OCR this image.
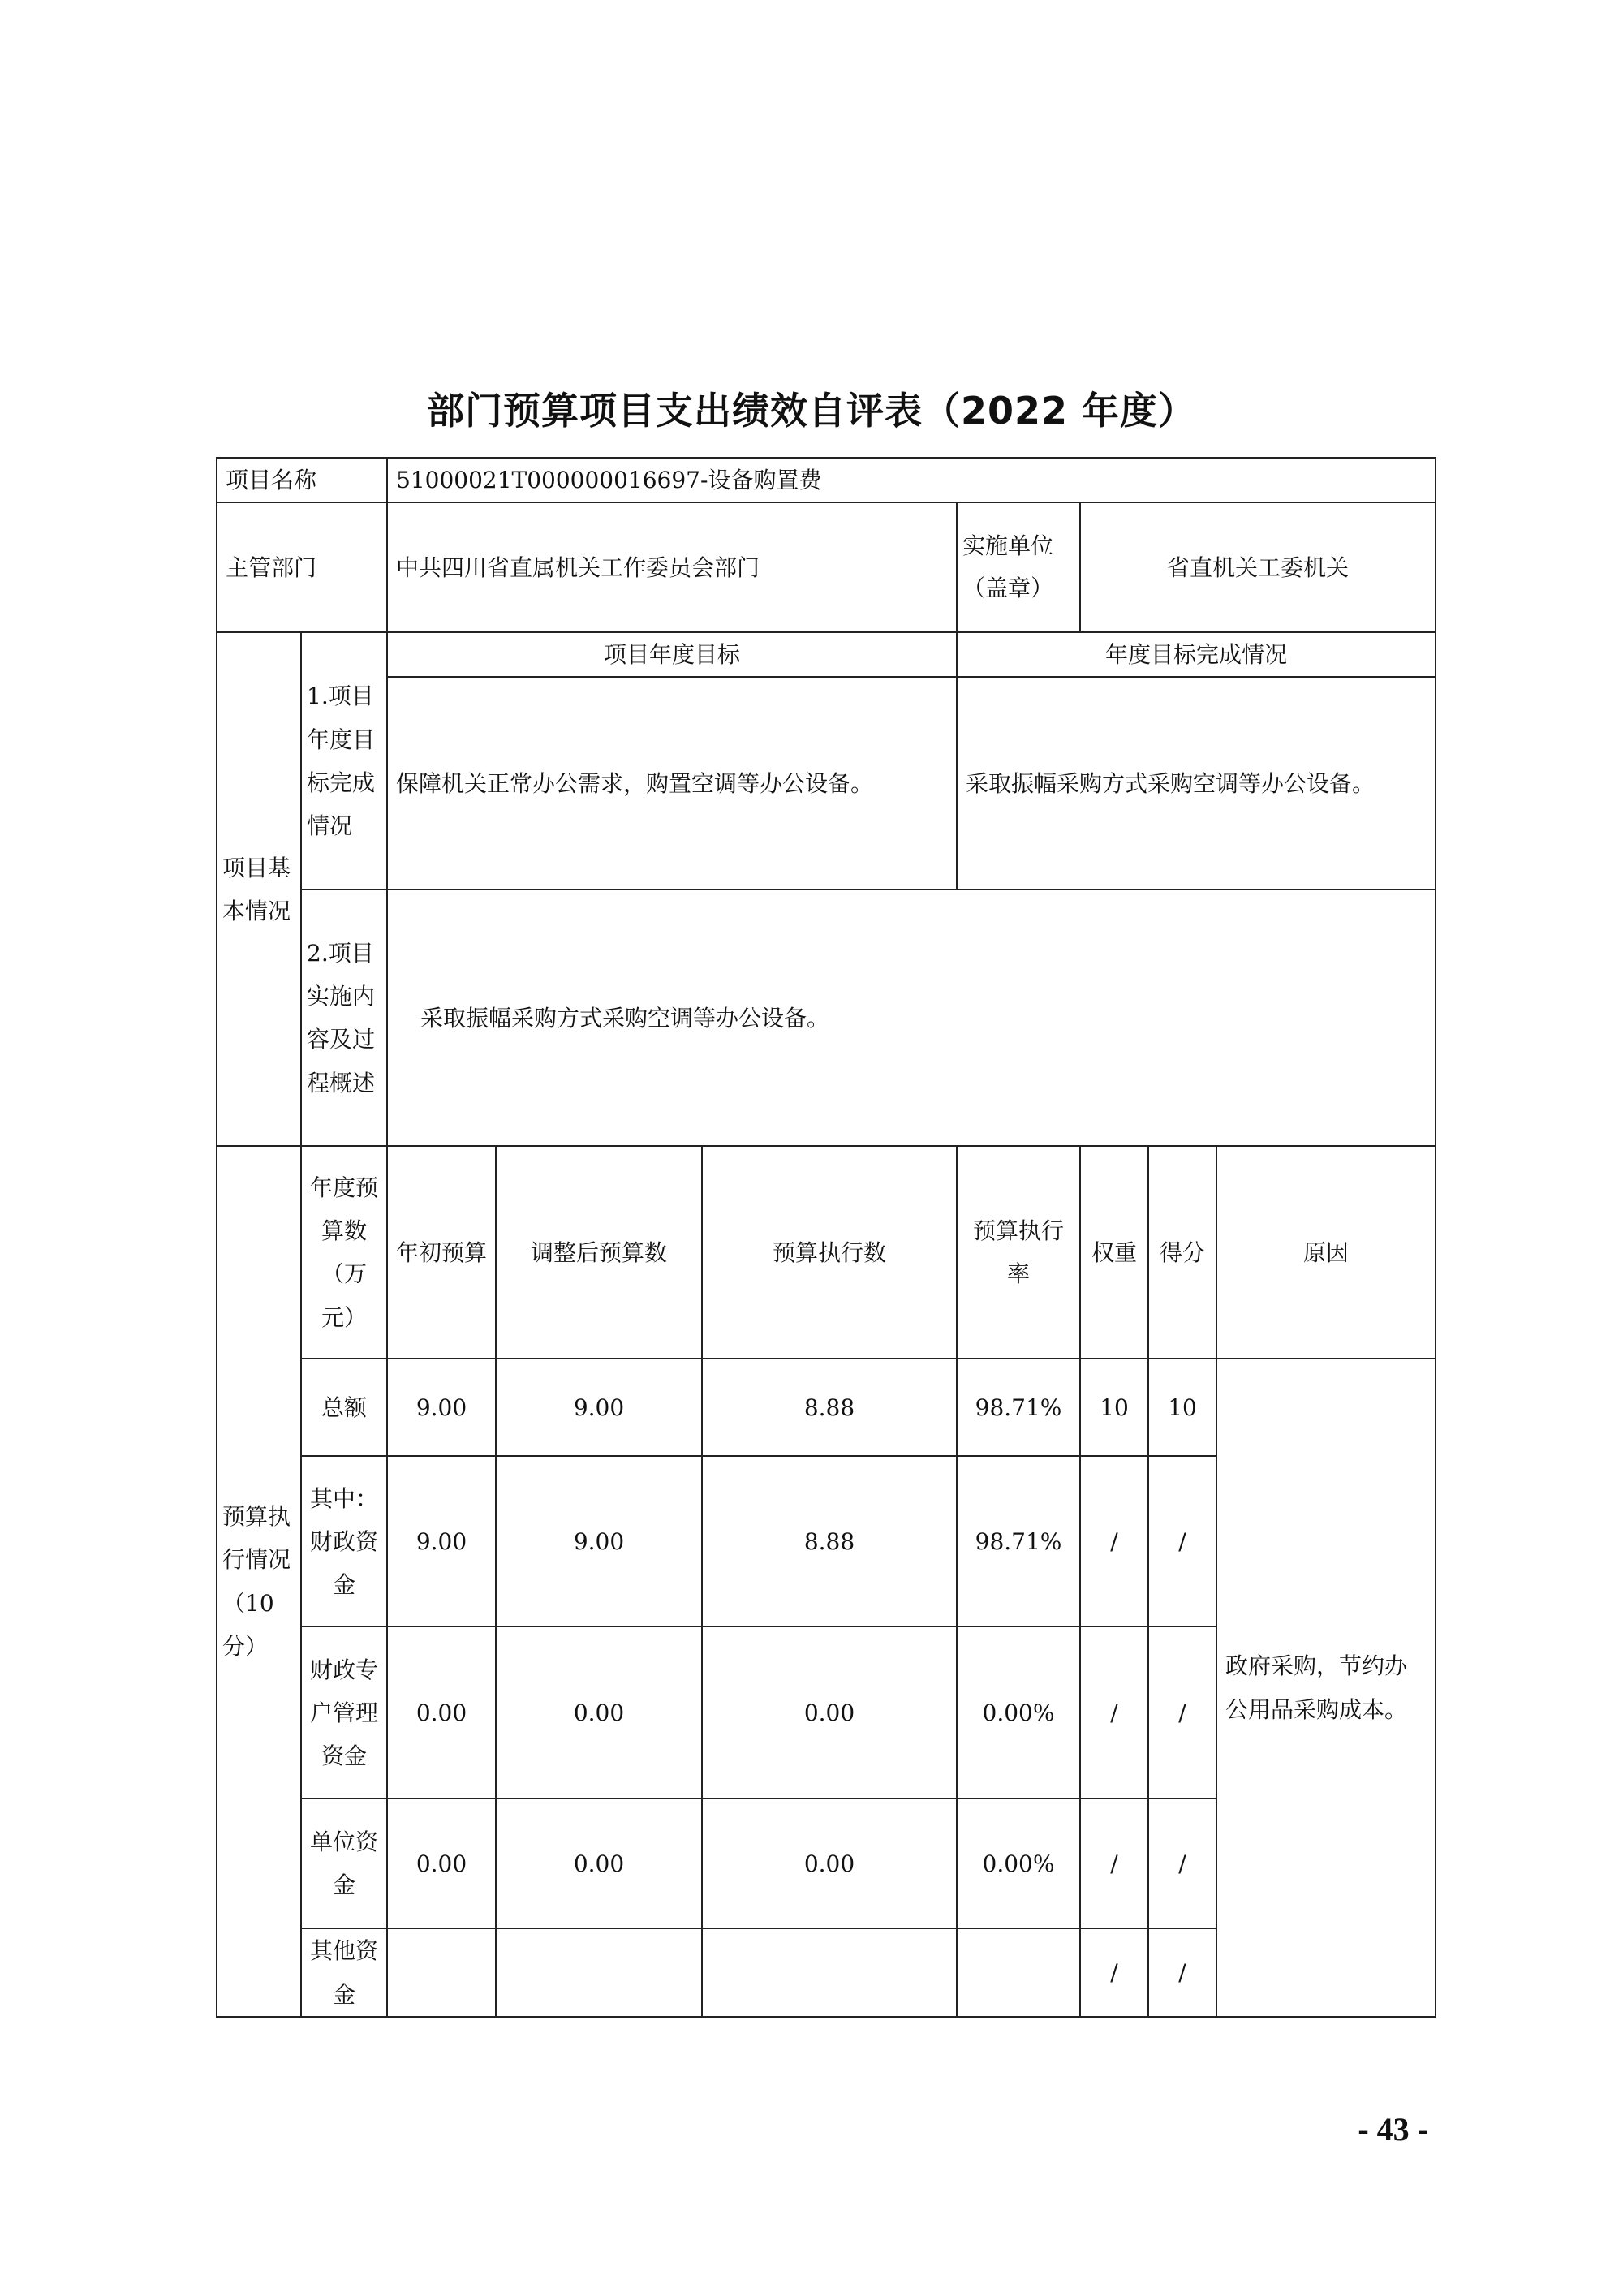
部门预算项目支出绩效自评表（2022 年度）
项目名称		51000021T000000016697-设备购置费						
主管部门		中共四川省直属机关工作委员会部门			实施单位（盖章）	省直机关工委机关		
项目基本情况	1.项目年度目标完成情况	项目年度目标			年度目标完成情况			
		保障机关正常办公需求，购置空调等办公设备。			采取振幅采购方式采购空调等办公设备。			
	2.项目实施内容及过程概述	采取振幅采购方式采购空调等办公设备。						
预算执行情况（10分）	年度预算数（万元）	年初预算	调整后预算数	预算执行数	预算执行率	权重	得分	原因
	总额	9.00	9.00	8.88	98.71%	10	10	政府采购，节约办公用品采购成本。
	其中：财政资金	9.00	9.00	8.88	98.71%	/	/	
	财政专户管理资金	0.00	0.00	0.00	0.00%	/	/	
	单位资金	0.00	0.00	0.00	0.00%	/	/	
	其他资金					/	/	
- 43 -
